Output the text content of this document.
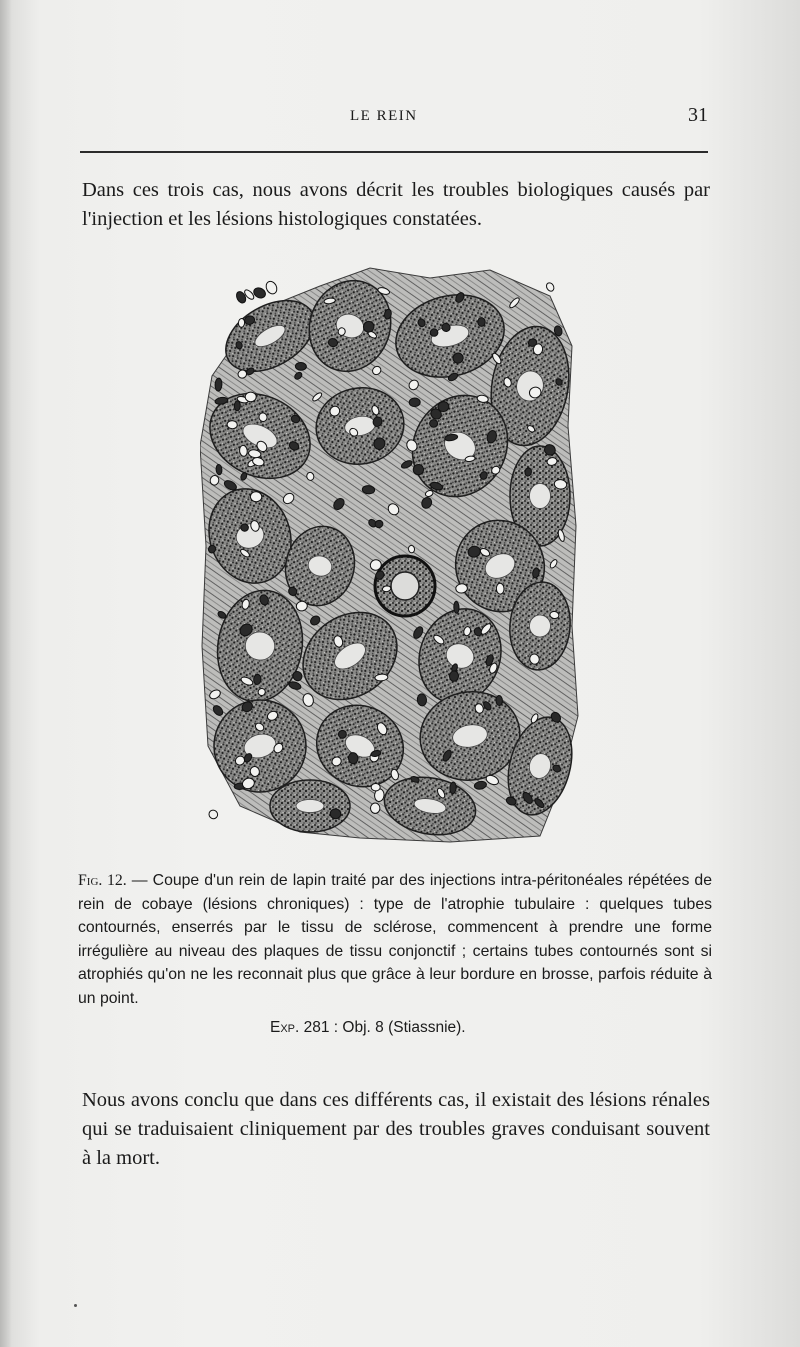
LE REIN	31

Dans ces trois cas, nous avons décrit les troubles biologiques causés par l'injection et les lésions histologiques constatées.

Fig. 12. — Coupe d'un rein de lapin traité par des injections intra-péritonéales répétées de rein de cobaye (lésions chroniques) : type de l'atrophie tubulaire : quelques tubes contournés, enserrés par le tissu de sclérose, commencent à prendre une forme irrégulière au niveau des plaques de tissu conjonctif ; certains tubes contournés sont si atrophiés qu'on ne les reconnait plus que grâce à leur bordure en brosse, parfois réduite à un point.

Exp. 281 : Obj. 8 (Stiassnie).

Nous avons conclu que dans ces différents cas, il existait des lésions rénales qui se traduisaient cliniquement par des troubles graves conduisant souvent à la mort.
